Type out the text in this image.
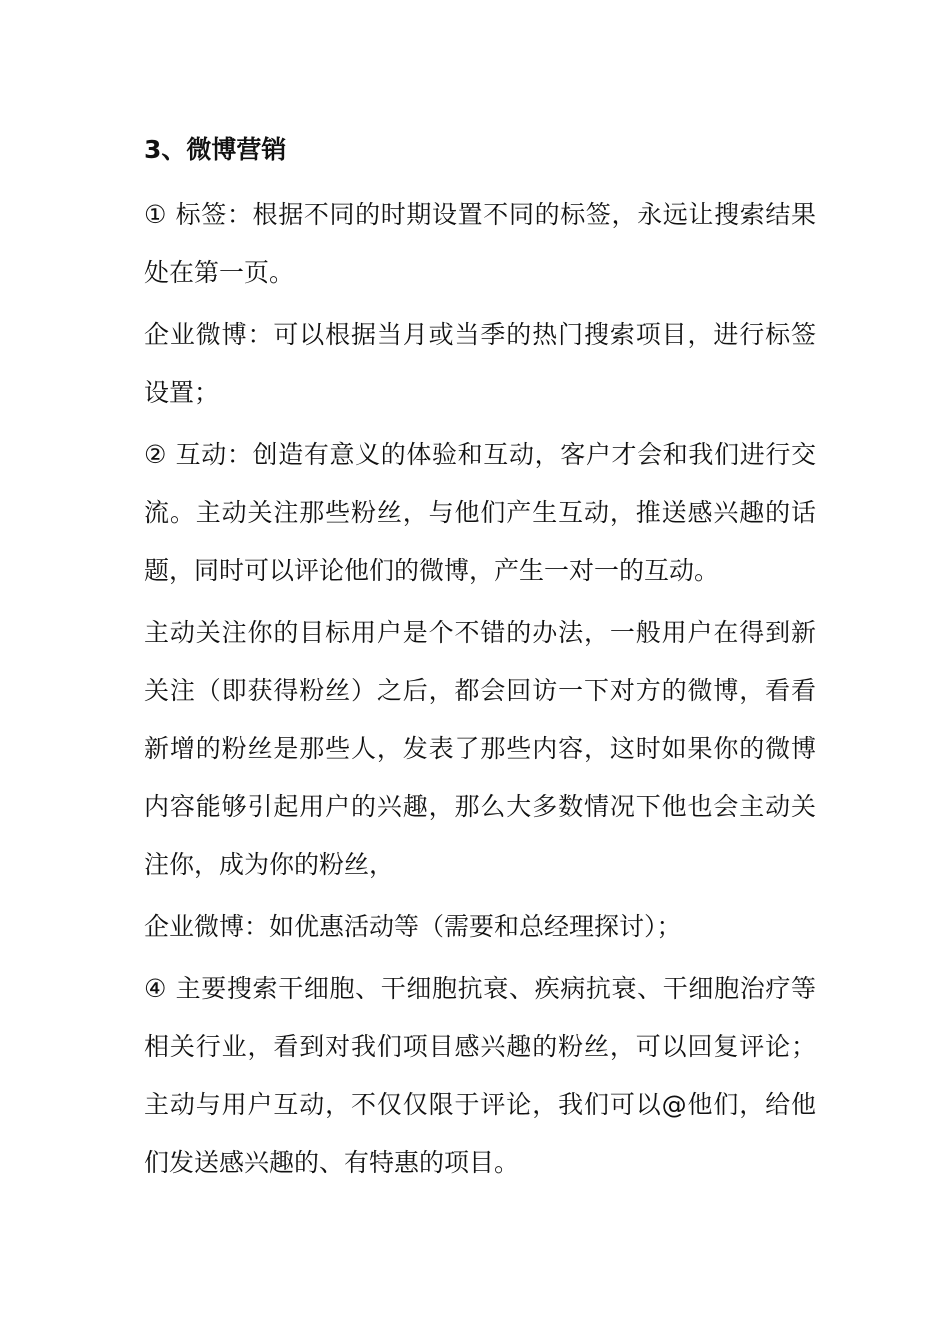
3、微博营销

① 标签：根据不同的时期设置不同的标签，永远让搜索结果处在第一页。

企业微博：可以根据当月或当季的热门搜索项目，进行标签设置；

② 互动：创造有意义的体验和互动，客户才会和我们进行交流。主动关注那些粉丝，与他们产生互动，推送感兴趣的话题，同时可以评论他们的微博，产生一对一的互动。

主动关注你的目标用户是个不错的办法，一般用户在得到新关注（即获得粉丝）之后，都会回访一下对方的微博，看看新增的粉丝是那些人，发表了那些内容，这时如果你的微博内容能够引起用户的兴趣，那么大多数情况下他也会主动关注你，成为你的粉丝，

企业微博：如优惠活动等（需要和总经理探讨）；

④ 主要搜索干细胞、干细胞抗衰、疾病抗衰、干细胞治疗等相关行业，看到对我们项目感兴趣的粉丝，可以回复评论；主动与用户互动，不仅仅限于评论，我们可以@他们，给他们发送感兴趣的、有特惠的项目。
